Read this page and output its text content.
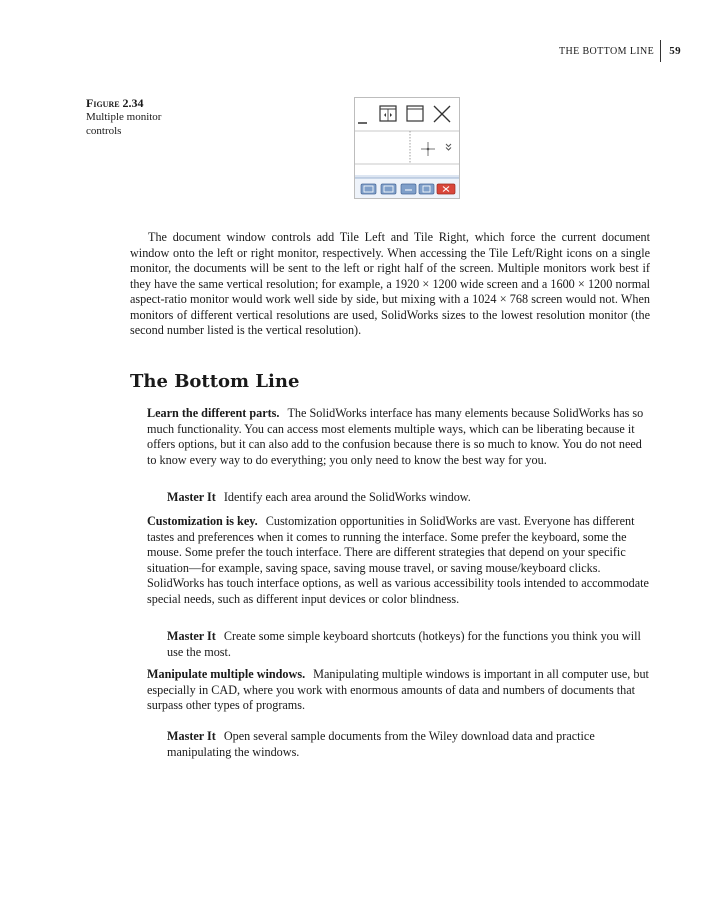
THE BOTTOM LINE 59
Figure 2.34
Multiple monitor controls

The document window controls add Tile Left and Tile Right, which force the current document window onto the left or right monitor, respectively. When accessing the Tile Left/Right icons on a single monitor, the documents will be sent to the left or right half of the screen. Multiple monitors work best if they have the same vertical resolution; for example, a 1920 × 1200 wide screen and a 1600 × 1200 normal aspect-ratio monitor would work well side by side, but mixing with a 1024 × 768 screen would not. When monitors of different vertical resolutions are used, SolidWorks sizes to the lowest resolution monitor (the second number listed is the vertical resolution).

The Bottom Line

Learn the different parts. The SolidWorks interface has many elements because SolidWorks has so much functionality. You can access most elements multiple ways, which can be liberating because it offers options, but it can also add to the confusion because there is so much to know. You do not need to know every way to do everything; you only need to know the best way for you.

Master It Identify each area around the SolidWorks window.

Customization is key. Customization opportunities in SolidWorks are vast. Everyone has different tastes and preferences when it comes to running the interface. Some prefer the keyboard, some the mouse. Some prefer the touch interface. There are different strategies that depend on your specific situation—for example, saving space, saving mouse travel, or saving mouse/keyboard clicks. SolidWorks has touch interface options, as well as various accessibility tools intended to accommodate special needs, such as different input devices or color blindness.

Master It Create some simple keyboard shortcuts (hotkeys) for the functions you think you will use the most.

Manipulate multiple windows. Manipulating multiple windows is important in all computer use, but especially in CAD, where you work with enormous amounts of data and numbers of documents that surpass other types of programs.

Master It Open several sample documents from the Wiley download data and practice manipulating the windows.
